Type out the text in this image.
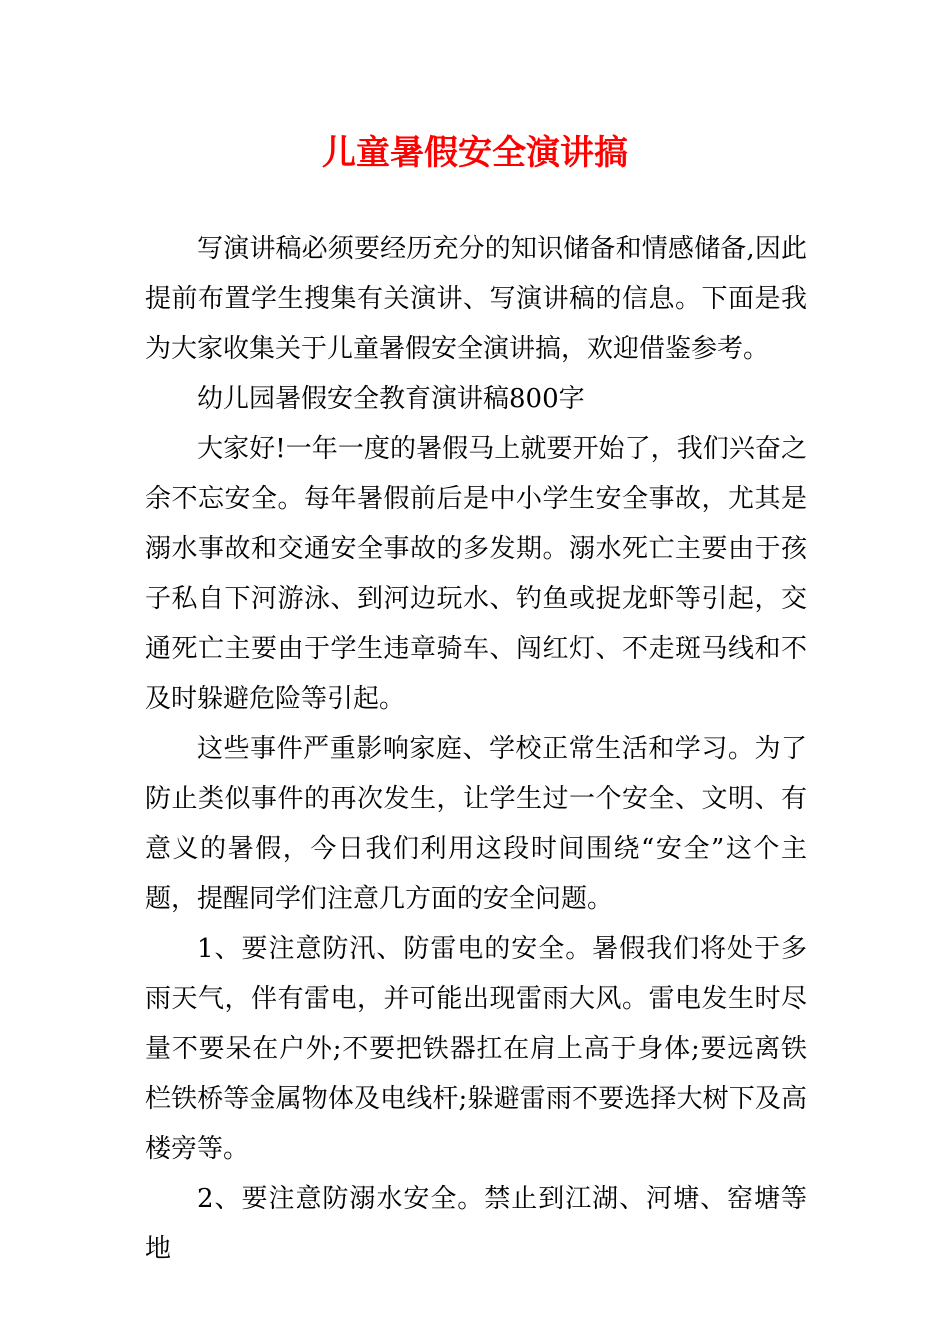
儿童暑假安全演讲搞

写演讲稿必须要经历充分的知识储备和情感储备,因此提前布置学生搜集有关演讲、写演讲稿的信息。下面是我为大家收集关于儿童暑假安全演讲搞，欢迎借鉴参考。

幼儿园暑假安全教育演讲稿800字

大家好!一年一度的暑假马上就要开始了，我们兴奋之余不忘安全。每年暑假前后是中小学生安全事故，尤其是溺水事故和交通安全事故的多发期。溺水死亡主要由于孩子私自下河游泳、到河边玩水、钓鱼或捉龙虾等引起，交通死亡主要由于学生违章骑车、闯红灯、不走斑马线和不及时躲避危险等引起。

这些事件严重影响家庭、学校正常生活和学习。为了防止类似事件的再次发生，让学生过一个安全、文明、有意义的暑假，今日我们利用这段时间围绕“安全”这个主题，提醒同学们注意几方面的安全问题。

1、要注意防汛、防雷电的安全。暑假我们将处于多雨天气，伴有雷电，并可能出现雷雨大风。雷电发生时尽量不要呆在户外;不要把铁器扛在肩上高于身体;要远离铁栏铁桥等金属物体及电线杆;躲避雷雨不要选择大树下及高楼旁等。

2、要注意防溺水安全。禁止到江湖、河塘、窑塘等地
